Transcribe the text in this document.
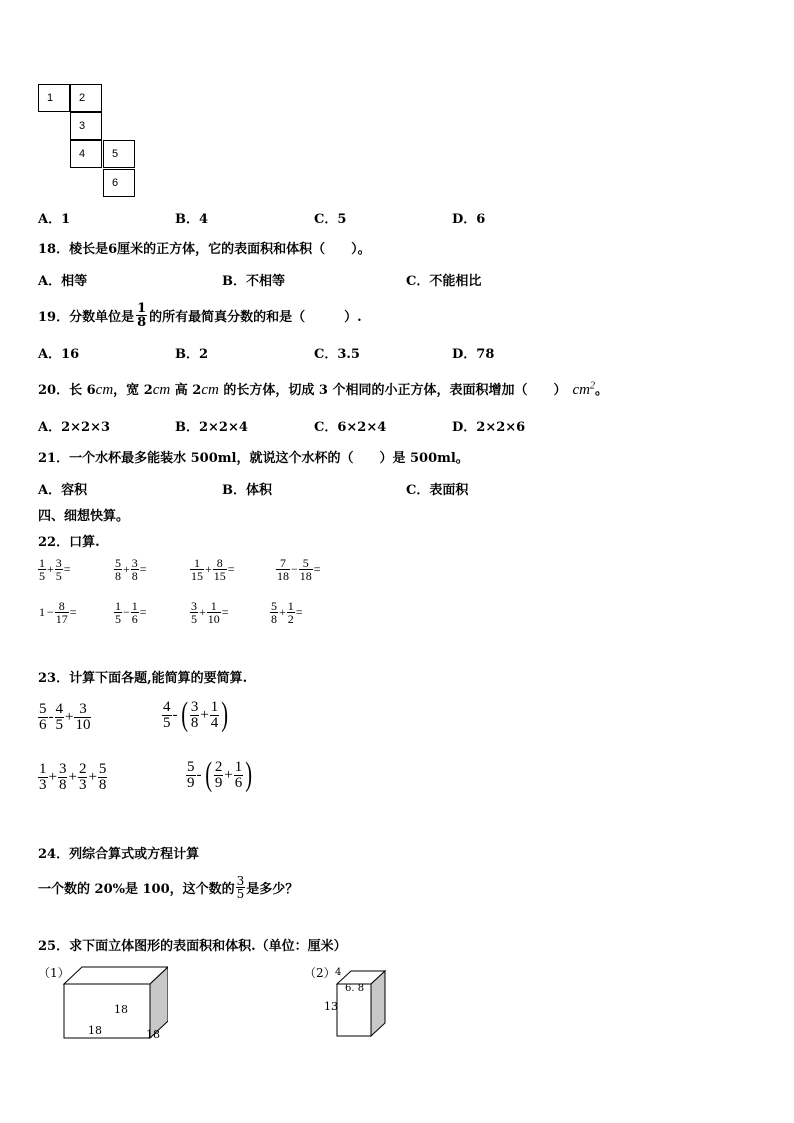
1 2
3
4 5
6
A．1	B．4	C．5	D．6
18．棱长是6厘米的正方体，它的表面积和体积（　　）。
A．相等	B．不相等	C．不能相比
19．分数单位是 $\frac{1}{8}$ 的所有最简真分数的和是（　　　）.
A．16	B．2	C．3.5	D．78
20．长 6cm，宽 2cm 高 2cm 的长方体，切成 3 个相同的小正方体，表面积增加（　　） $cm^2$。
A．2×2×3	B．2×2×4	C．6×2×4	D．2×2×6
21．一个水杯最多能装水 500ml，就说这个水杯的（　　）是 500ml。
A．容积	B．体积	C．表面积
四、细想快算。
22．口算.
$\frac{1}{5} + \frac{3}{5}$ =	$\frac{5}{8} + \frac{3}{8}$ =	$\frac{1}{15} + \frac{8}{15}$ =	$\frac{7}{18} - \frac{5}{18}$ =
$1 - \frac{8}{17}$ =	$\frac{1}{5} - \frac{1}{6}$ =	$\frac{3}{5} + \frac{1}{10}$ =	$\frac{5}{8} + \frac{1}{2}$ =
23．计算下面各题,能简算的要简算.
$\frac{5}{6} - \frac{4}{5} + \frac{3}{10}$	$\frac{4}{5}$ -( $\frac{3}{8} + \frac{1}{4}$ )
$\frac{1}{3} + \frac{3}{8} + \frac{2}{3} + \frac{5}{8}$	$\frac{5}{9}$ -( $\frac{2}{9} + \frac{1}{6}$ )
24．列综合算式或方程计算
一个数的 20%是 100，这个数的 $\frac{3}{5}$ 是多少？
25．求下面立体图形的表面积和体积.（单位：厘米）
（1）
18
18	18
（2） 4
6. 8
13
